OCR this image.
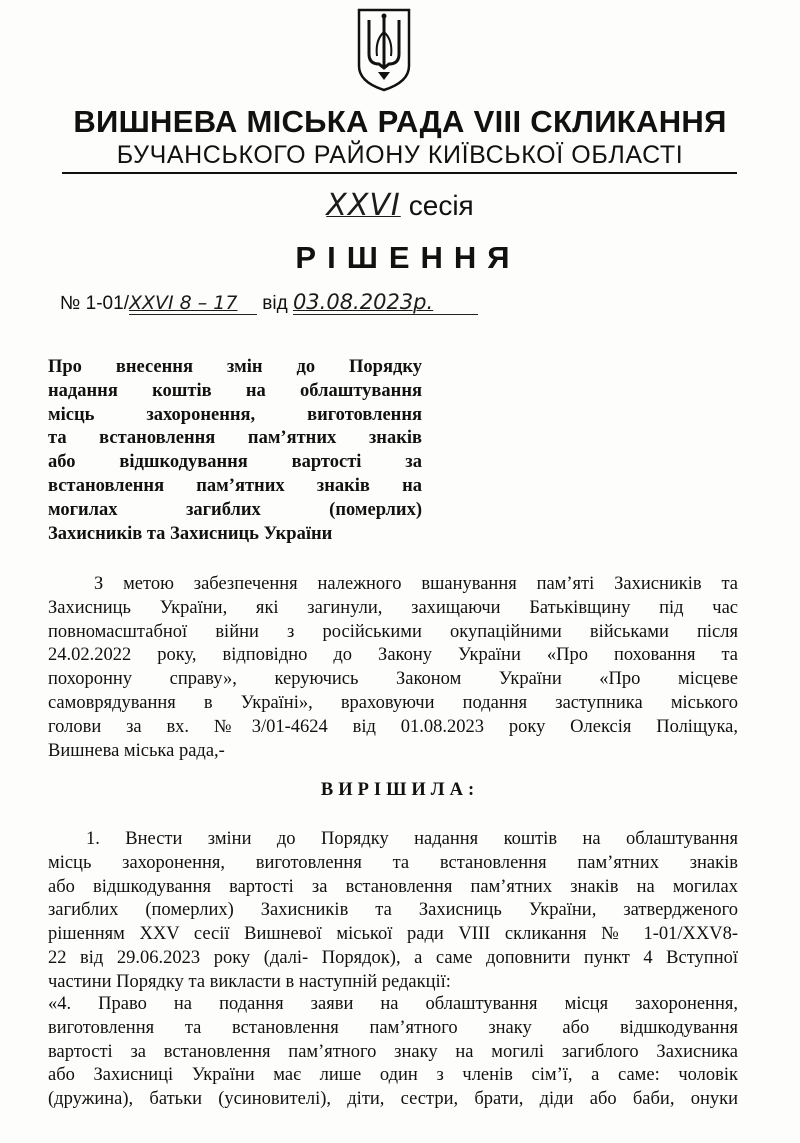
ВИШНЕВА МІСЬКА РАДА VIII СКЛИКАННЯ
БУЧАНСЬКОГО РАЙОНУ КИЇВСЬКОЇ ОБЛАСТІ
XXVI сесія
РІШЕННЯ
№ 1-01/XXVI 8 – 17 від 03.08.2023р.
Про внесення змін до Порядку
надання коштів на облаштування
місць захоронення, виготовлення
та встановлення пам’ятних знаків
або відшкодування вартості за
встановлення пам’ятних знаків на
могилах загиблих (померлих)
Захисників та Захисниць України
З метою забезпечення належного вшанування пам’яті Захисників та
Захисниць України, які загинули, захищаючи Батьківщину під час
повномасштабної війни з російськими окупаційними військами після
24.02.2022 року, відповідно до Закону України «Про поховання та
похоронну справу», керуючись Законом України «Про місцеве
самоврядування в Україні», враховуючи подання заступника міського
голови за вх. №3/01-4624 від 01.08.2023 року Олексія Поліщука,
Вишнева міська рада,-
ВИРІШИЛА:
1. Внести зміни до Порядку надання коштів на облаштування
місць захоронення, виготовлення та встановлення пам’ятних знаків
або відшкодування вартості за встановлення пам’ятних знаків на могилах
загиблих (померлих) Захисників та Захисниць України, затвердженого
рішенням XXV сесії Вишневої міської ради VIII скликання № 1-01/XXV8-
22 від 29.06.2023 року (далі- Порядок), а саме доповнити пункт 4 Вступної
частини Порядку та викласти в наступній редакції:
«4. Право на подання заяви на облаштування місця захоронення,
виготовлення та встановлення пам’ятного знаку або відшкодування
вартості за встановлення пам’ятного знаку на могилі загиблого Захисника
або Захисниці України має лише один з членів сім’ї, а саме: чоловік
(дружина), батьки (усиновителі), діти, сестри, брати, діди або баби, онуки
